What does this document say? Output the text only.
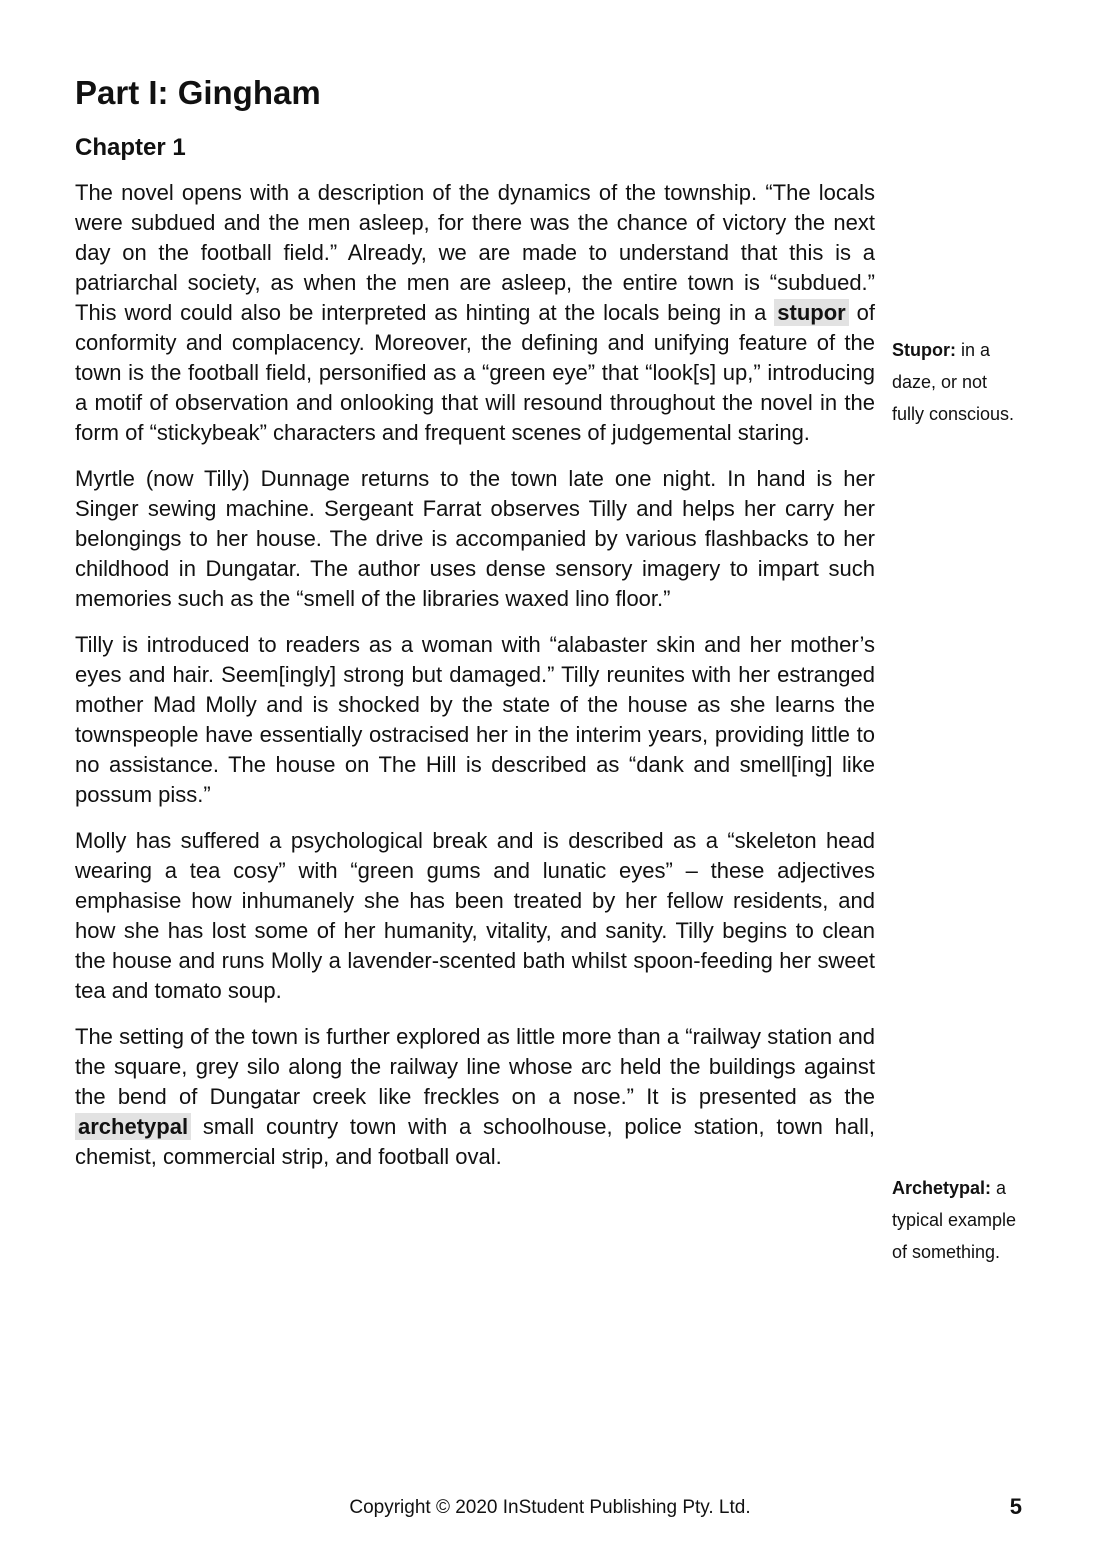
Part I: Gingham
Chapter 1

The novel opens with a description of the dynamics of the township. “The locals were subdued and the men asleep, for there was the chance of victory the next day on the football field.” Already, we are made to understand that this is a patriarchal society, as when the men are asleep, the entire town is “subdued.” This word could also be interpreted as hinting at the locals being in a stupor of conformity and complacency. Moreover, the defining and unifying feature of the town is the football field, personified as a “green eye” that “look[s] up,” introducing a motif of observation and onlooking that will resound throughout the novel in the form of “stickybeak” characters and frequent scenes of judgemental staring.

Myrtle (now Tilly) Dunnage returns to the town late one night. In hand is her Singer sewing machine. Sergeant Farrat observes Tilly and helps her carry her belongings to her house. The drive is accompanied by various flashbacks to her childhood in Dungatar. The author uses dense sensory imagery to impart such memories such as the “smell of the libraries waxed lino floor.”

Tilly is introduced to readers as a woman with “alabaster skin and her mother’s eyes and hair. Seem[ingly] strong but damaged.” Tilly reunites with her estranged mother Mad Molly and is shocked by the state of the house as she learns the townspeople have essentially ostracised her in the interim years, providing little to no assistance. The house on The Hill is described as “dank and smell[ing] like possum piss.”

Molly has suffered a psychological break and is described as a “skeleton head wearing a tea cosy” with “green gums and lunatic eyes” – these adjectives emphasise how inhumanely she has been treated by her fellow residents, and how she has lost some of her humanity, vitality, and sanity. Tilly begins to clean the house and runs Molly a lavender-scented bath whilst spoon-feeding her sweet tea and tomato soup.

The setting of the town is further explored as little more than a “railway station and the square, grey silo along the railway line whose arc held the buildings against the bend of Dungatar creek like freckles on a nose.” It is presented as the archetypal small country town with a schoolhouse, police station, town hall, chemist, commercial strip, and football oval.

Stupor: in a daze, or not fully conscious.
Archetypal: a typical example of something.
Copyright © 2020 InStudent Publishing Pty. Ltd.	5
